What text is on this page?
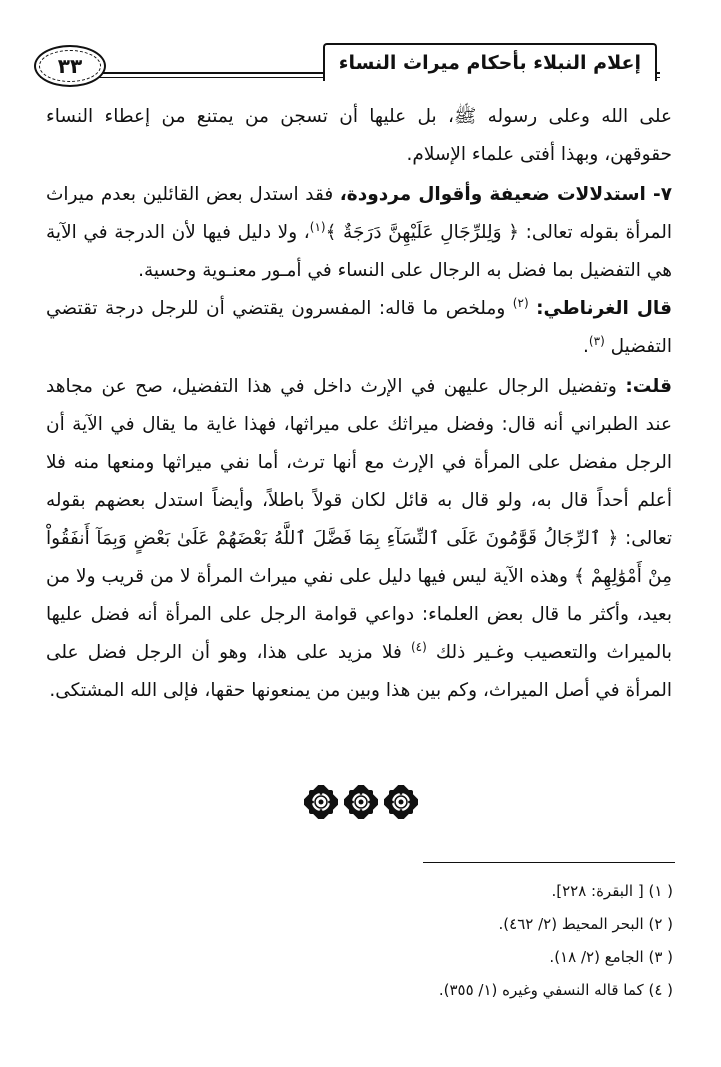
إعلام النبلاء بأحكام ميراث النساء
٣٣

على الله وعلى رسوله ﷺ، بل عليها أن تسجن من يمتنع من إعطاء النساء حقوقهن، وبهذا أفتى علماء الإسلام.

٧- استدلالات ضعيفة وأقوال مردودة، فقد استدل بعض القائلين بعدم ميراث المرأة بقوله تعالى: ﴿ وَلِلرِّجَالِ عَلَيْهِنَّ دَرَجَةٌ ﴾$^{(١)}$، ولا دليل فيها لأن الدرجة في الآية هي التفضيل بما فضل به الرجال على النساء في أمـور معنـوية وحسية.

قال الغرناطي: $^{(٢)}$ وملخص ما قاله: المفسرون يقتضي أن للرجل درجة تقتضي التفضيل $^{(٣)}$.

قلت: وتفضيل الرجال عليهن في الإرث داخل في هذا التفضيل، صح عن مجاهد عند الطبراني أنه قال: وفضل ميراثك على ميراثها، فهذا غاية ما يقال في الآية أن الرجل مفضل على المرأة في الإرث مع أنها ترث، أما نفي ميراثها ومنعها منه فلا أعلم أحداً قال به، ولو قال به قائل لكان قولاً باطلاً، وأيضاً استدل بعضهم بقوله تعالى: ﴿ ٱلرِّجَالُ قَوَّٰمُونَ عَلَى ٱلنِّسَآءِ بِمَا فَضَّلَ ٱللَّهُ بَعْضَهُمْ عَلَىٰ بَعْضٍ وَبِمَآ أَنفَقُواْ مِنْ أَمْوَٰلِهِمْ ﴾ وهذه الآية ليس فيها دليل على نفي ميراث المرأة لا من قريب ولا من بعيد، وأكثر ما قال بعض العلماء: دواعي قوامة الرجل على المرأة أنه فضل عليها بالميراث والتعصيب وغـير ذلك $^{(٤)}$ فلا مزيد على هذا، وهو أن الرجل فضل على المرأة في أصل الميراث، وكم بين هذا وبين من يمنعونها حقها، فإلى الله المشتكى.

( ١) [ البقرة: ٢٢٨].
( ٢) البحر المحيط (٢/ ٤٦٢).
( ٣) الجامع (٢/ ١٨).
( ٤) كما قاله النسفي وغيره (١/ ٣٥٥).
